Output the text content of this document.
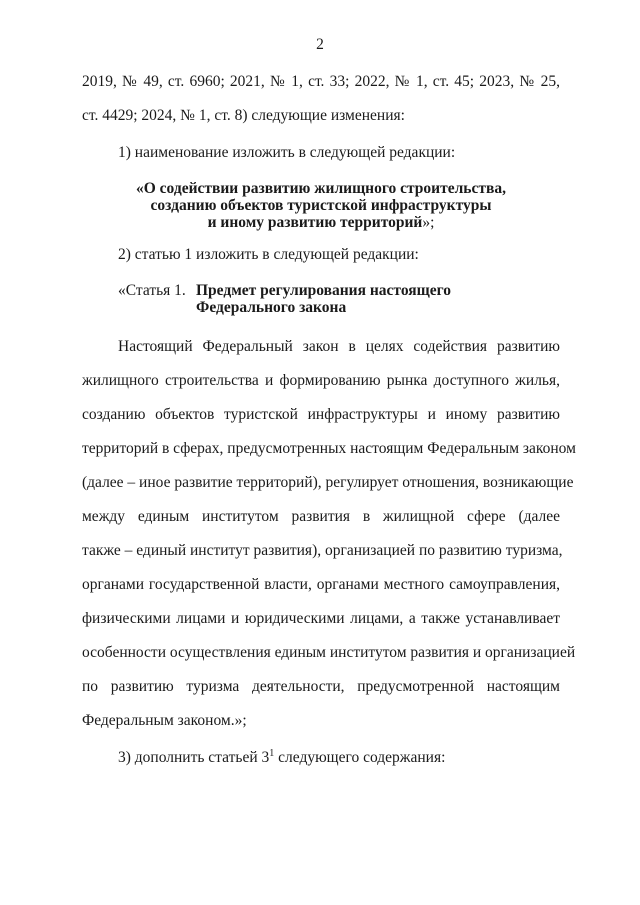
2
2019, № 49, ст. 6960; 2021, № 1, ст. 33; 2022, № 1, ст. 45; 2023, № 25,
ст. 4429; 2024, № 1, ст. 8) следующие изменения:
1) наименование изложить в следующей редакции:
«О содействии развитию жилищного строительства,
созданию объектов туристской инфраструктуры
и иному развитию территорий»;
2) статью 1 изложить в следующей редакции:
«Статья 1. Предмет регулирования настоящего
Федерального закона
Настоящий Федеральный закон в целях содействия развитию
жилищного строительства и формированию рынка доступного жилья,
созданию объектов туристской инфраструктуры и иному развитию
территорий в сферах, предусмотренных настоящим Федеральным законом
(далее – иное развитие территорий), регулирует отношения, возникающие
между единым институтом развития в жилищной сфере (далее
также – единый институт развития), организацией по развитию туризма,
органами государственной власти, органами местного самоуправления,
физическими лицами и юридическими лицами, а также устанавливает
особенности осуществления единым институтом развития и организацией
по развитию туризма деятельности, предусмотренной настоящим
Федеральным законом.»;
3) дополнить статьей $3^1$ следующего содержания:
